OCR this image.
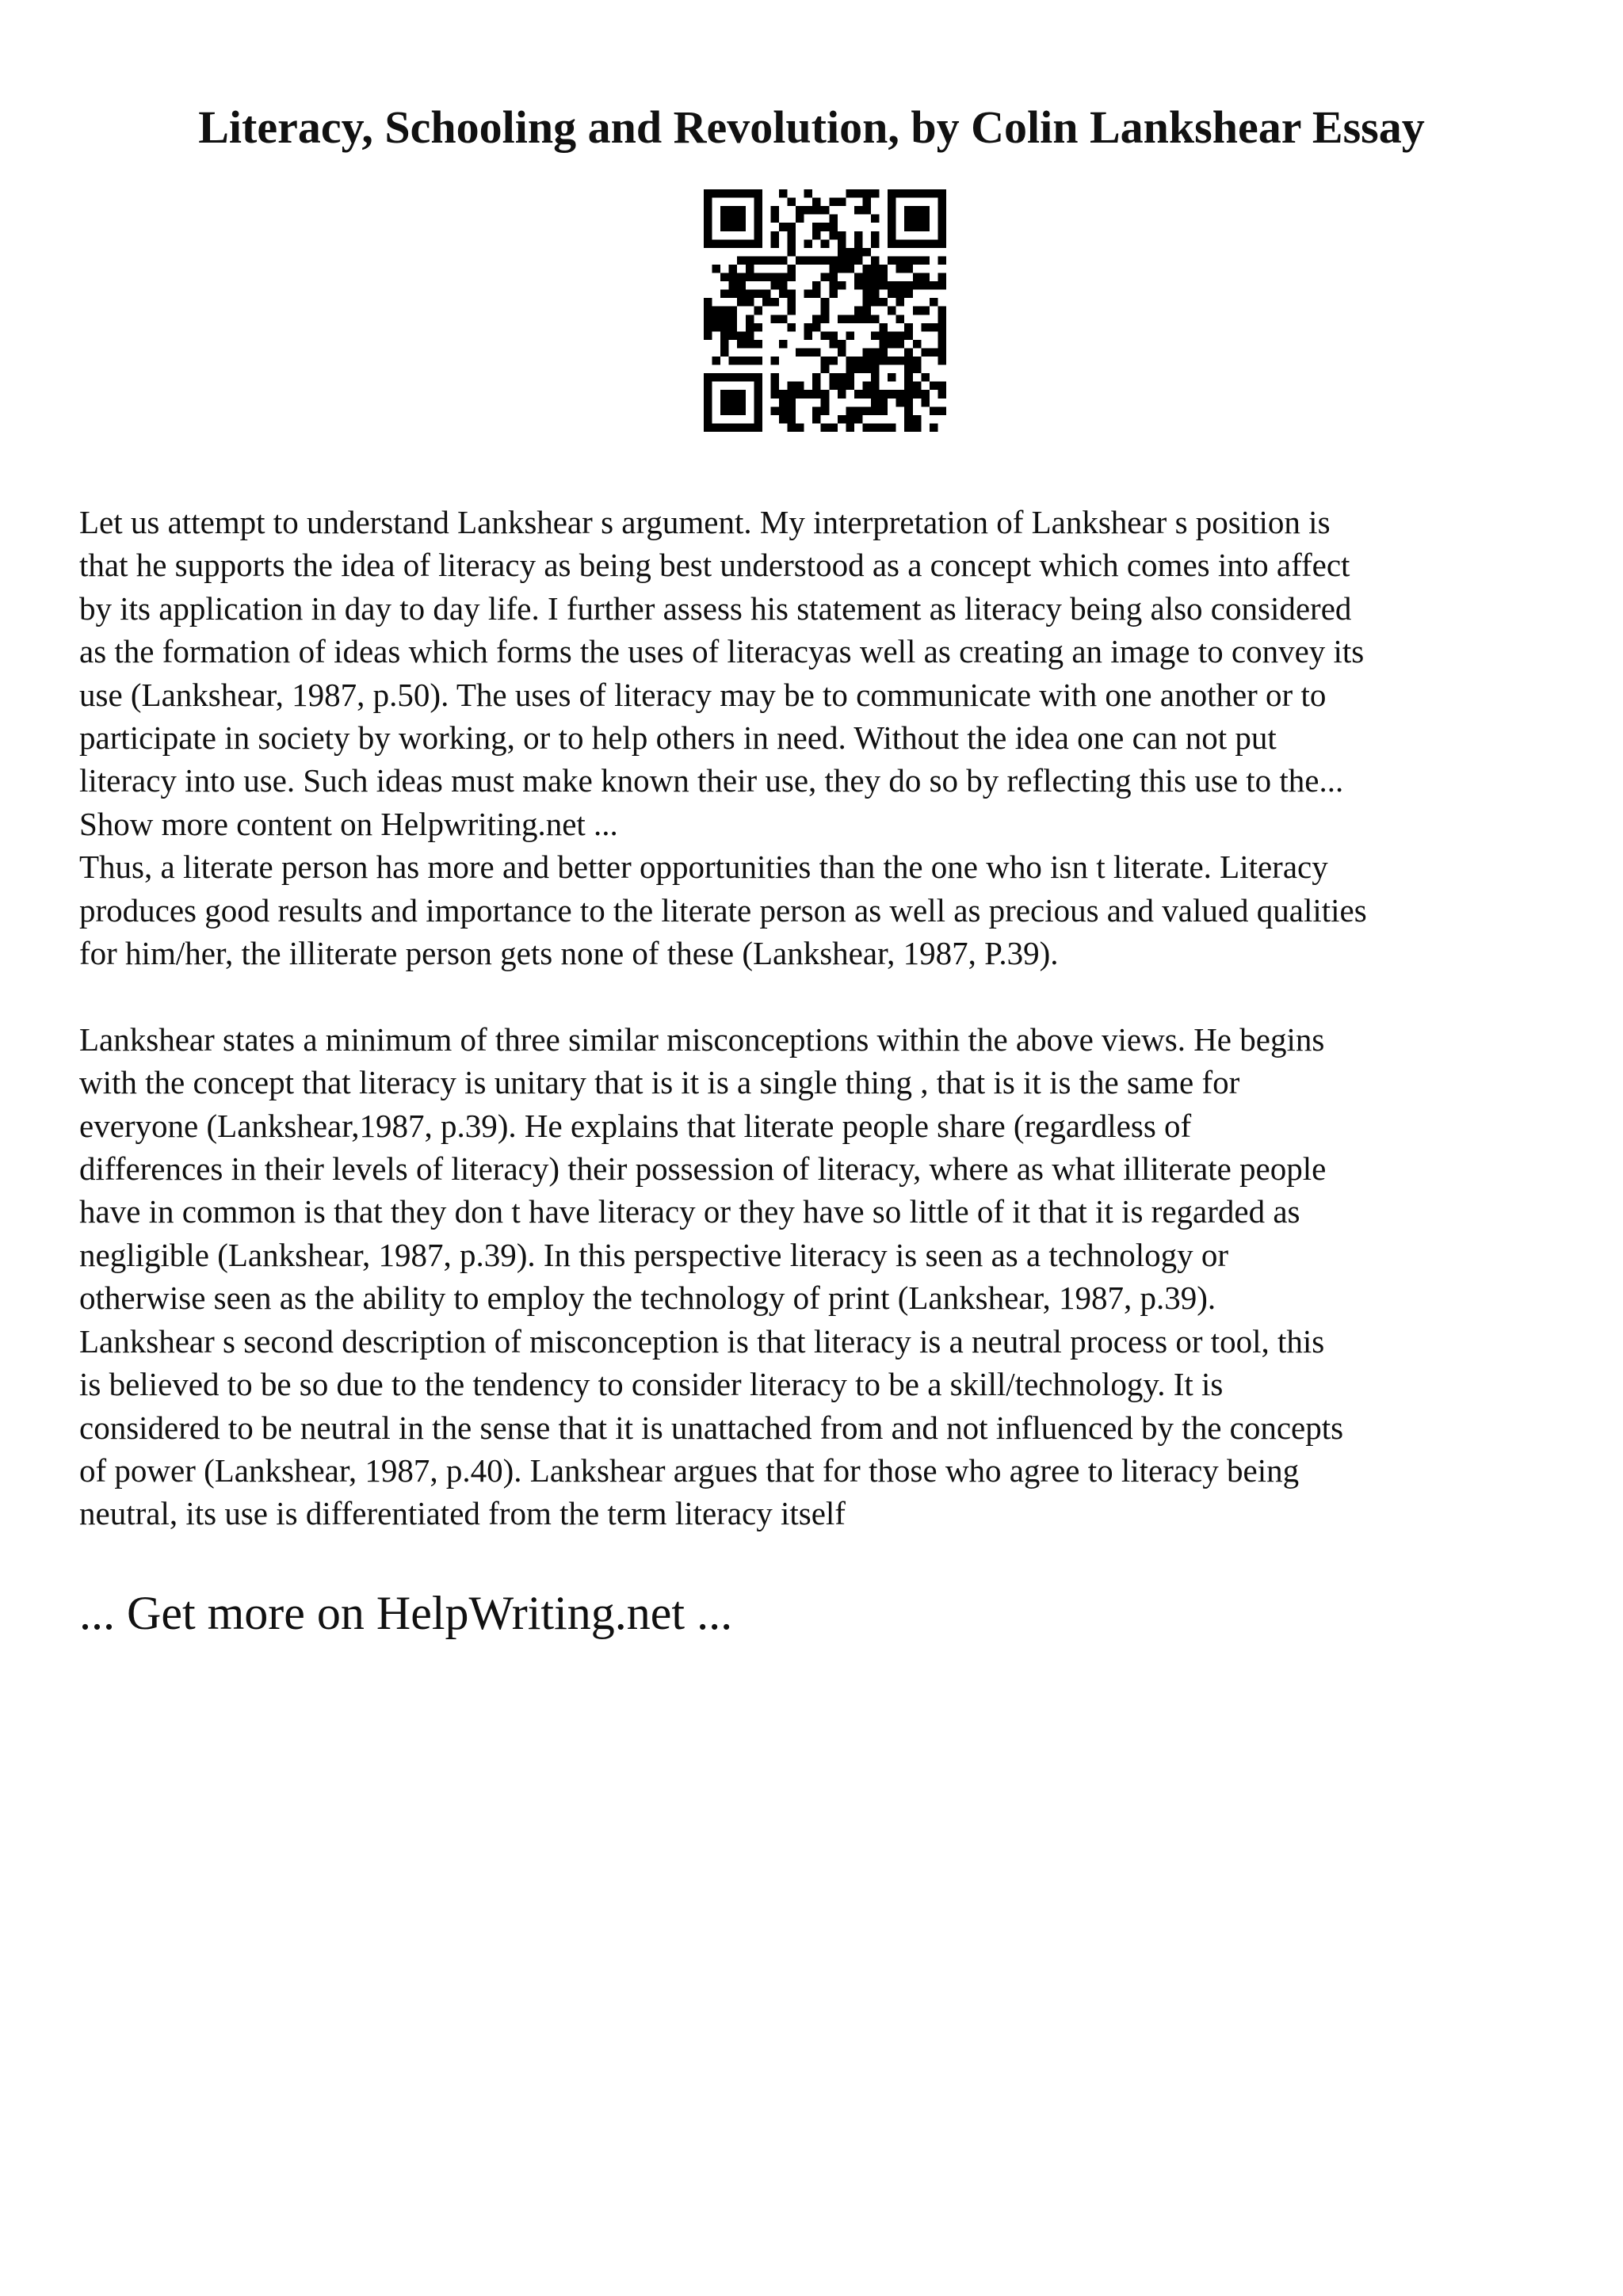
Literacy, Schooling and Revolution, by Colin Lankshear Essay
Let us attempt to understand Lankshear s argument. My interpretation of Lankshear s position is
that he supports the idea of literacy as being best understood as a concept which comes into affect
by its application in day to day life. I further assess his statement as literacy being also considered
as the formation of ideas which forms the uses of literacyas well as creating an image to convey its
use (Lankshear, 1987, p.50). The uses of literacy may be to communicate with one another or to
participate in society by working, or to help others in need. Without the idea one can not put
literacy into use. Such ideas must make known their use, they do so by reflecting this use to the...
Show more content on Helpwriting.net ...
Thus, a literate person has more and better opportunities than the one who isn t literate. Literacy
produces good results and importance to the literate person as well as precious and valued qualities
for him/her, the illiterate person gets none of these (Lankshear, 1987, P.39).
Lankshear states a minimum of three similar misconceptions within the above views. He begins
with the concept that literacy is unitary that is it is a single thing , that is it is the same for
everyone (Lankshear,1987, p.39). He explains that literate people share (regardless of
differences in their levels of literacy) their possession of literacy, where as what illiterate people
have in common is that they don t have literacy or they have so little of it that it is regarded as
negligible (Lankshear, 1987, p.39). In this perspective literacy is seen as a technology or
otherwise seen as the ability to employ the technology of print (Lankshear, 1987, p.39).
Lankshear s second description of misconception is that literacy is a neutral process or tool, this
is believed to be so due to the tendency to consider literacy to be a skill/technology. It is
considered to be neutral in the sense that it is unattached from and not influenced by the concepts
of power (Lankshear, 1987, p.40). Lankshear argues that for those who agree to literacy being
neutral, its use is differentiated from the term literacy itself
... Get more on HelpWriting.net ...
